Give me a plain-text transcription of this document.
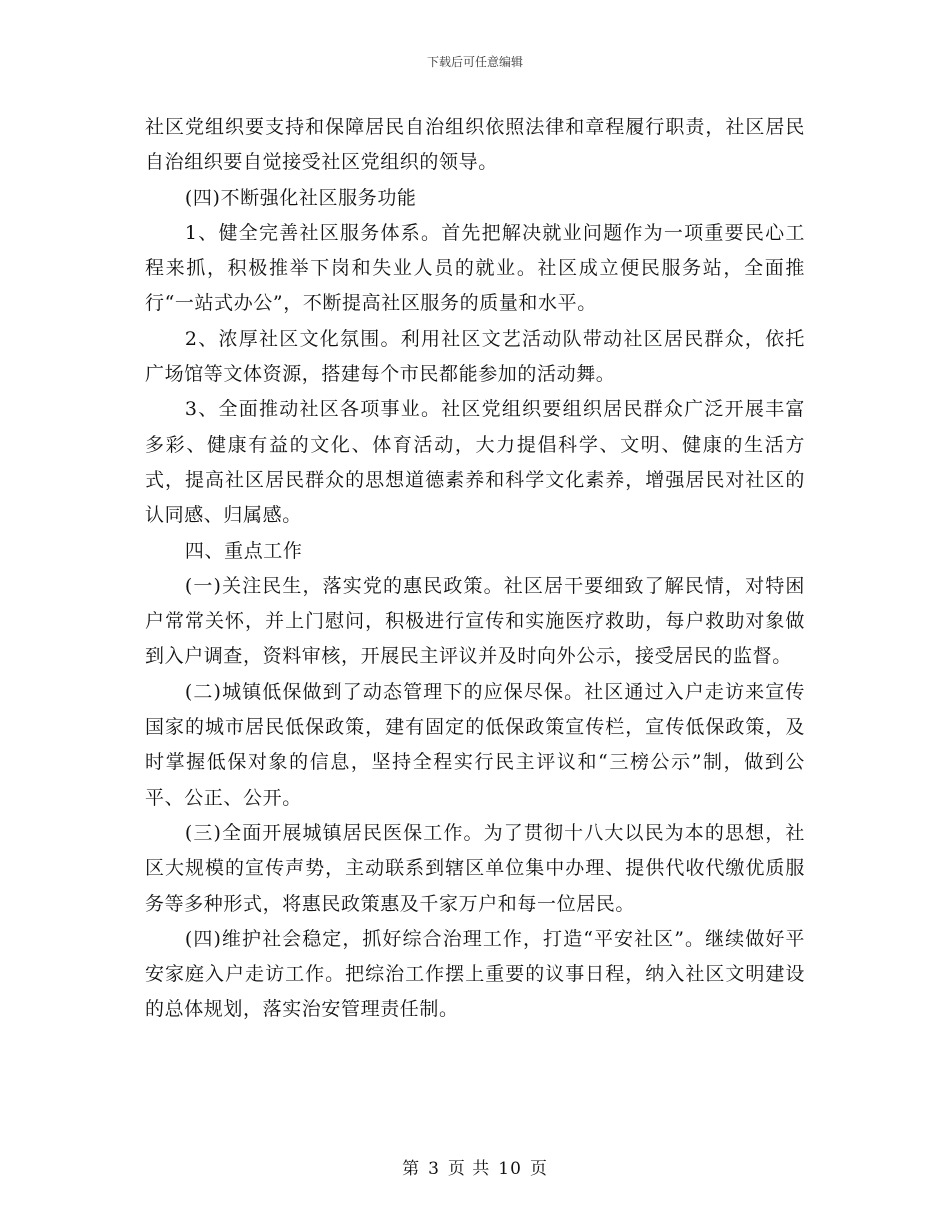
下载后可任意编辑

社区党组织要支持和保障居民自治组织依照法律和章程履行职责，社区居民自治组织要自觉接受社区党组织的领导。

(四)不断强化社区服务功能

1、健全完善社区服务体系。首先把解决就业问题作为一项重要民心工程来抓，积极推举下岗和失业人员的就业。社区成立便民服务站，全面推行“一站式办公”，不断提高社区服务的质量和水平。

2、浓厚社区文化氛围。利用社区文艺活动队带动社区居民群众，依托广场馆等文体资源，搭建每个市民都能参加的活动舞。

3、全面推动社区各项事业。社区党组织要组织居民群众广泛开展丰富多彩、健康有益的文化、体育活动，大力提倡科学、文明、健康的生活方式，提高社区居民群众的思想道德素养和科学文化素养，增强居民对社区的认同感、归属感。

四、重点工作

(一)关注民生，落实党的惠民政策。社区居干要细致了解民情，对特困户常常关怀，并上门慰问，积极进行宣传和实施医疗救助，每户救助对象做到入户调查，资料审核，开展民主评议并及时向外公示，接受居民的监督。

(二)城镇低保做到了动态管理下的应保尽保。社区通过入户走访来宣传国家的城市居民低保政策，建有固定的低保政策宣传栏，宣传低保政策，及时掌握低保对象的信息，坚持全程实行民主评议和“三榜公示”制，做到公平、公正、公开。

(三)全面开展城镇居民医保工作。为了贯彻十八大以民为本的思想，社区大规模的宣传声势，主动联系到辖区单位集中办理、提供代收代缴优质服务等多种形式，将惠民政策惠及千家万户和每一位居民。

(四)维护社会稳定，抓好综合治理工作，打造“平安社区”。继续做好平安家庭入户走访工作。把综治工作摆上重要的议事日程，纳入社区文明建设的总体规划，落实治安管理责任制。

第 3 页 共 10 页
